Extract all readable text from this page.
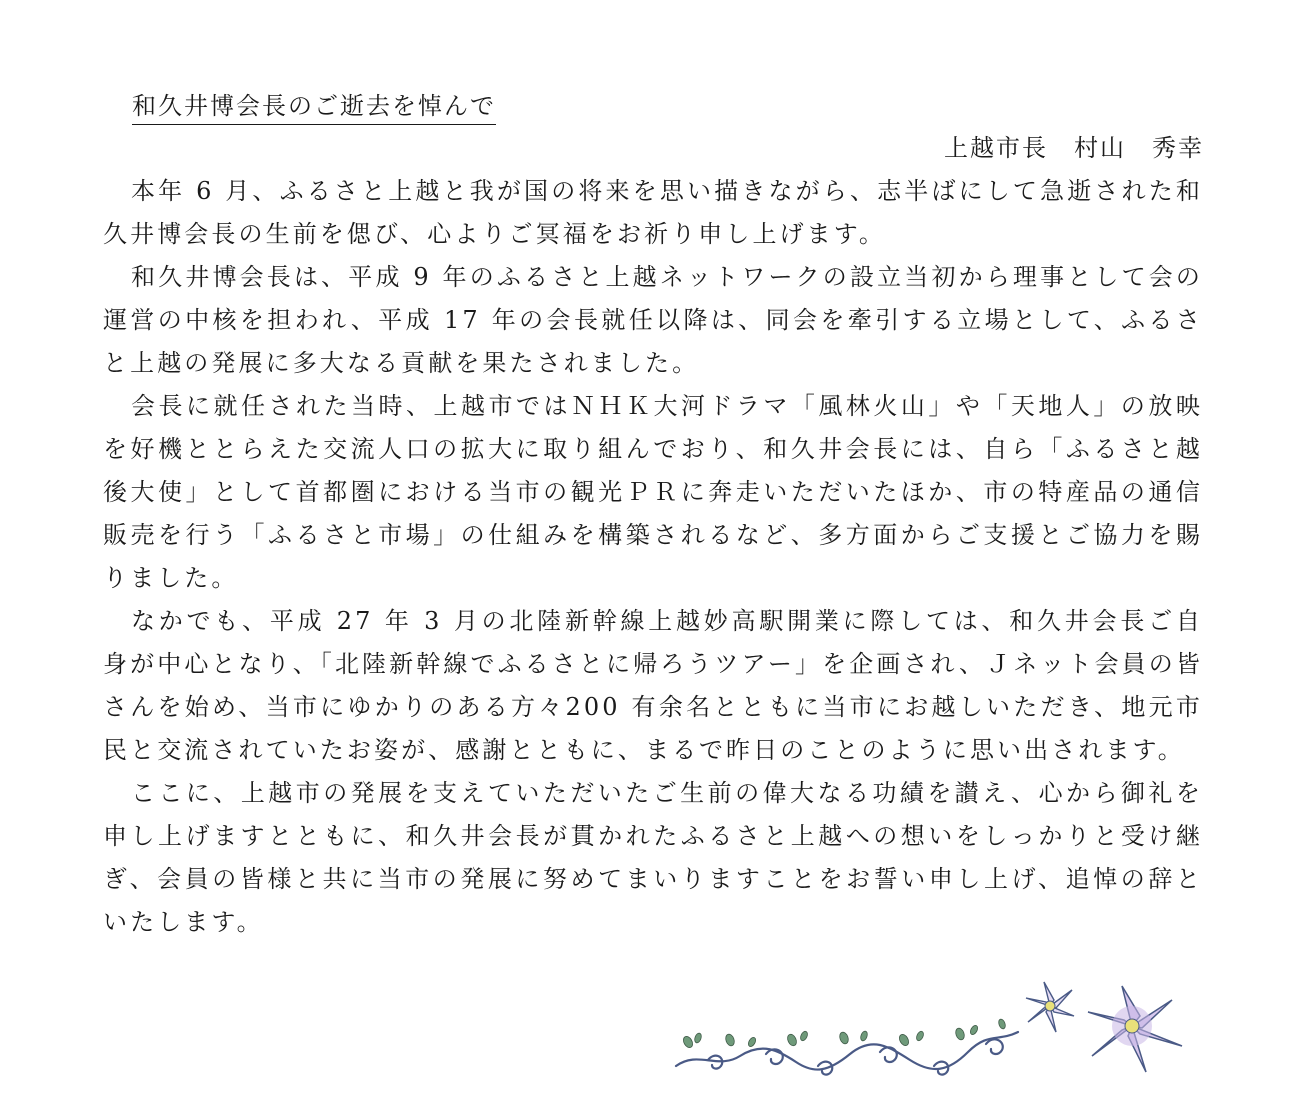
和久井博会長のご逝去を悼んで
上越市長　村山　秀幸

本年 6 月、ふるさと上越と我が国の将来を思い描きながら、志半ばにして急逝された和久井博会長の生前を偲び、心よりご冥福をお祈り申し上げます。

和久井博会長は、平成 9 年のふるさと上越ネットワークの設立当初から理事として会の運営の中核を担われ、平成 17 年の会長就任以降は、同会を牽引する立場として、ふるさと上越の発展に多大なる貢献を果たされました。

会長に就任された当時、上越市ではＮＨＫ大河ドラマ「風林火山」や「天地人」の放映を好機ととらえた交流人口の拡大に取り組んでおり、和久井会長には、自ら「ふるさと越後大使」として首都圏における当市の観光ＰＲに奔走いただいたほか、市の特産品の通信販売を行う「ふるさと市場」の仕組みを構築されるなど、多方面からご支援とご協力を賜りました。

なかでも、平成 27 年 3 月の北陸新幹線上越妙高駅開業に際しては、和久井会長ご自身が中心となり、「北陸新幹線でふるさとに帰ろうツアー」を企画され、Ｊネット会員の皆さんを始め、当市にゆかりのある方々200 有余名とともに当市にお越しいただき、地元市民と交流されていたお姿が、感謝とともに、まるで昨日のことのように思い出されます。

ここに、上越市の発展を支えていただいたご生前の偉大なる功績を讃え、心から御礼を申し上げますとともに、和久井会長が貫かれたふるさと上越への想いをしっかりと受け継ぎ、会員の皆様と共に当市の発展に努めてまいりますことをお誓い申し上げ、追悼の辞といたします。
